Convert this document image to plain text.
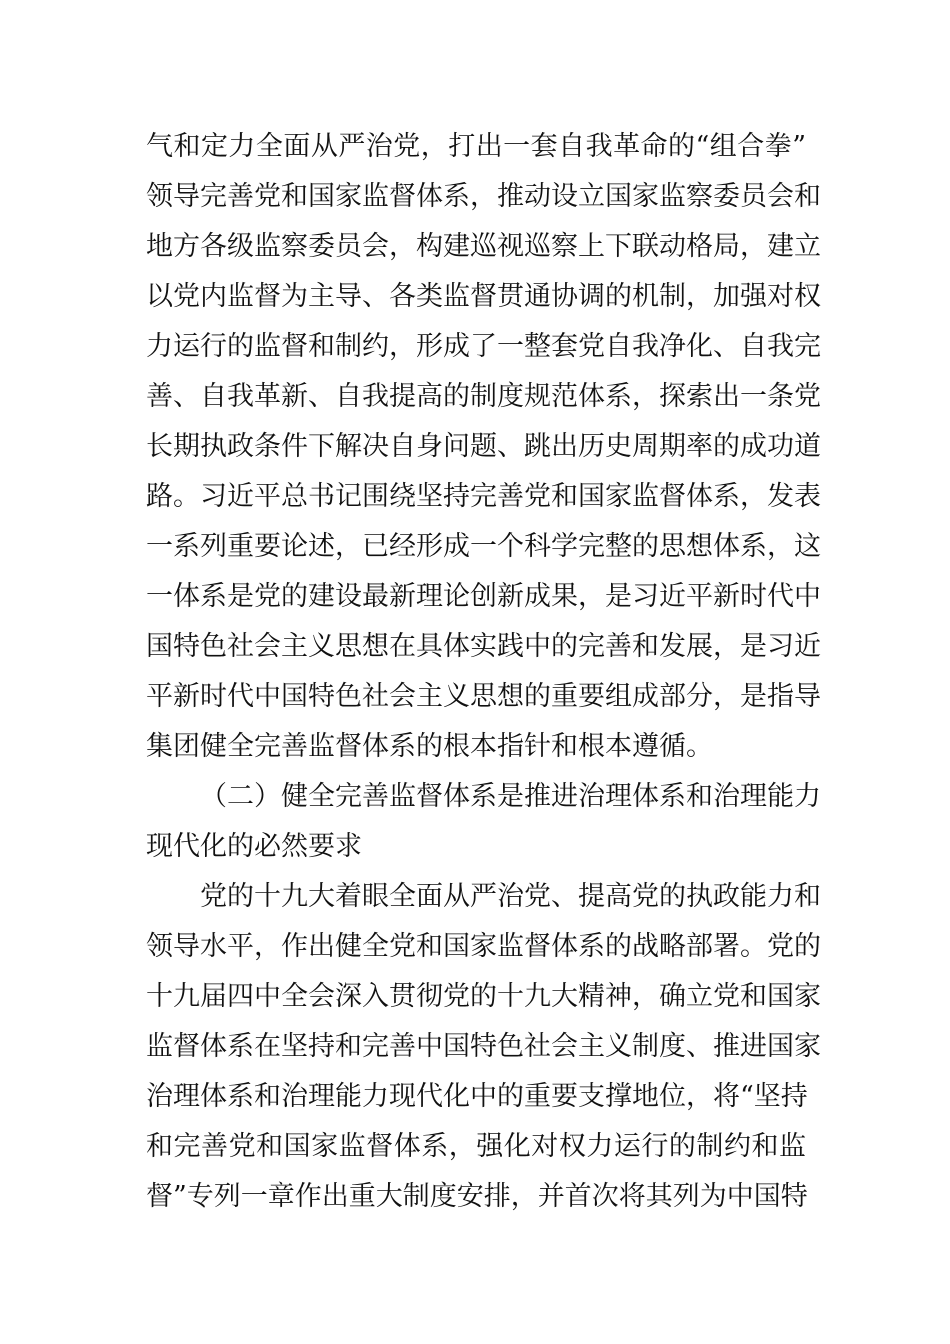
气和定力全面从严治党，打出一套自我革命的“组合拳”
领导完善党和国家监督体系，推动设立国家监察委员会和
地方各级监察委员会，构建巡视巡察上下联动格局，建立
以党内监督为主导、各类监督贯通协调的机制，加强对权
力运行的监督和制约，形成了一整套党自我净化、自我完
善、自我革新、自我提高的制度规范体系，探索出一条党
长期执政条件下解决自身问题、跳出历史周期率的成功道
路。习近平总书记围绕坚持完善党和国家监督体系，发表
一系列重要论述，已经形成一个科学完整的思想体系，这
一体系是党的建设最新理论创新成果，是习近平新时代中
国特色社会主义思想在具体实践中的完善和发展，是习近
平新时代中国特色社会主义思想的重要组成部分，是指导
集团健全完善监督体系的根本指针和根本遵循。
（二）健全完善监督体系是推进治理体系和治理能力
现代化的必然要求
党的十九大着眼全面从严治党、提高党的执政能力和
领导水平，作出健全党和国家监督体系的战略部署。党的
十九届四中全会深入贯彻党的十九大精神，确立党和国家
监督体系在坚持和完善中国特色社会主义制度、推进国家
治理体系和治理能力现代化中的重要支撑地位，将“坚持
和完善党和国家监督体系，强化对权力运行的制约和监
督”专列一章作出重大制度安排，并首次将其列为中国特
